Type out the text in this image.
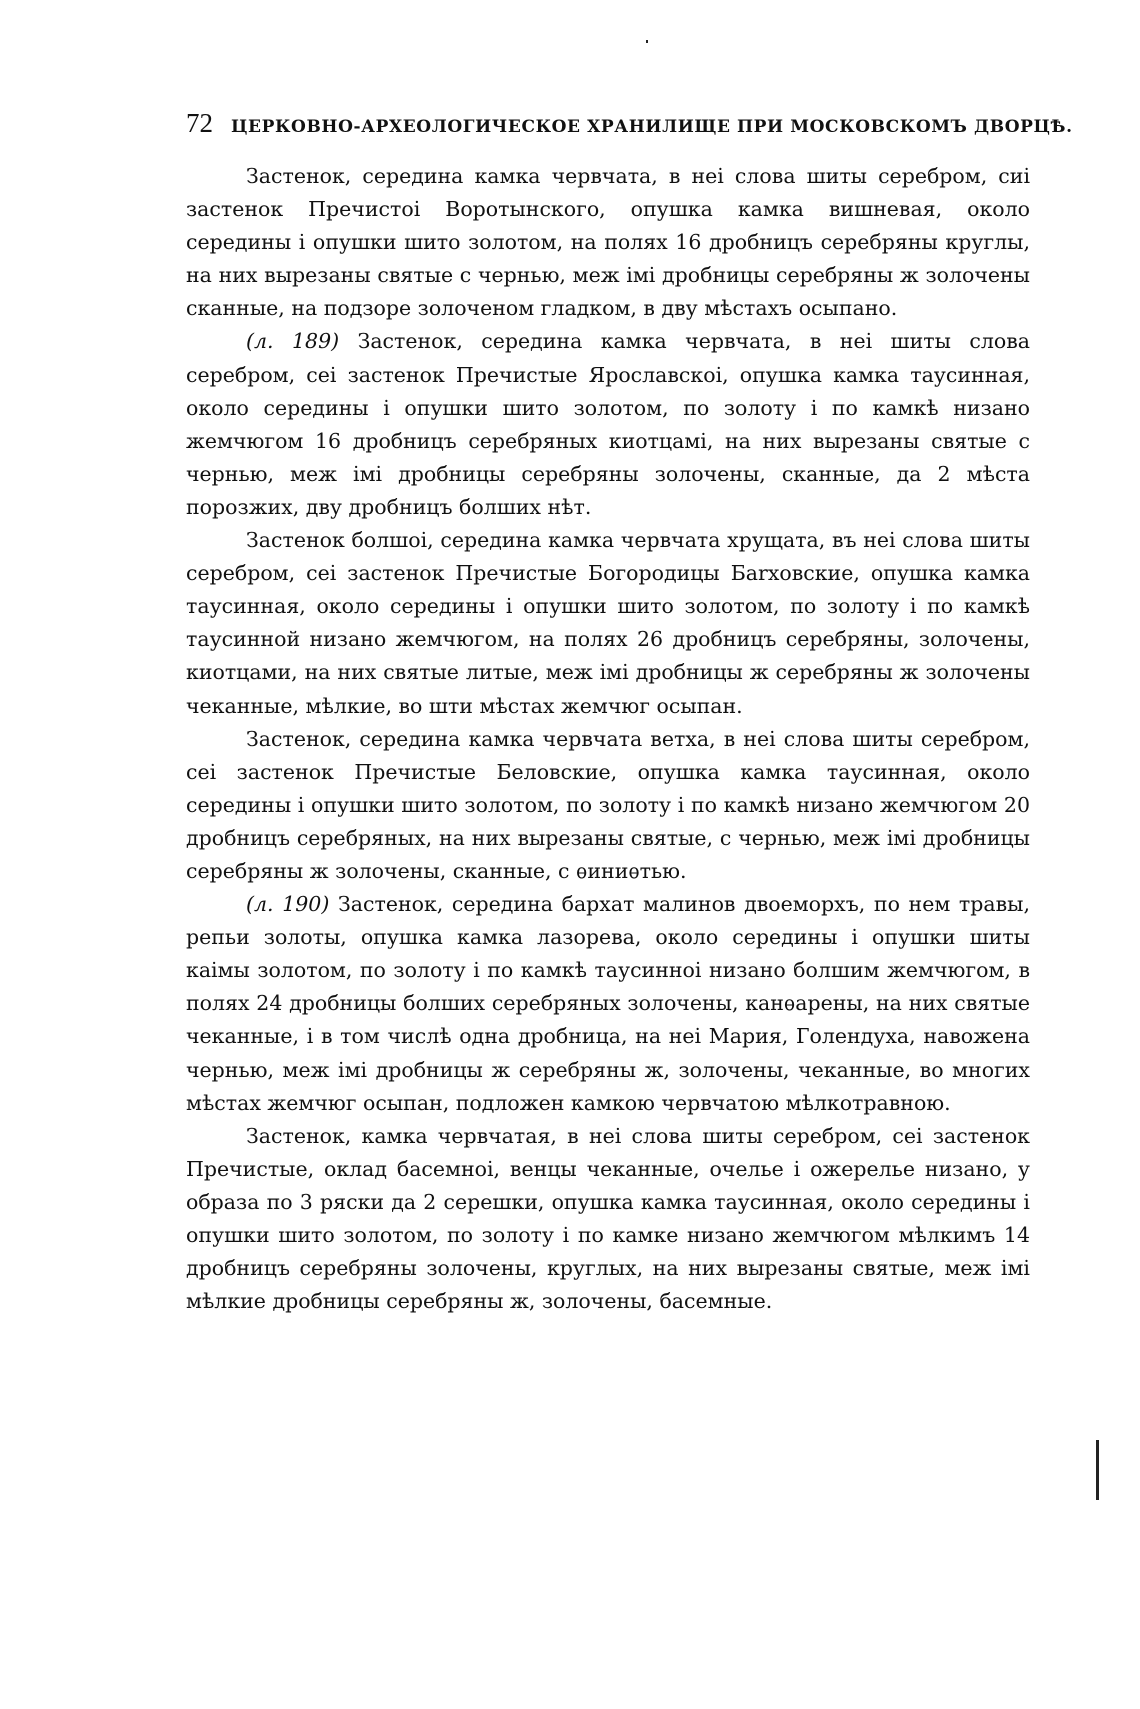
72 ЦЕРКОВНО-АРХЕОЛОГИЧЕСКОЕ ХРАНИЛИЩЕ ПРИ МОСКОВСКОМЪ ДВОРЦѢ.

Застенок, середина камка червчата, в неі слова шиты серебром, сиі застенок Пречистоі Воротынского, опушка камка вишневая, около середины і опушки шито золотом, на полях 16 дробницъ серебряны круглы, на них вырезаны святые с чернью, меж імі дробницы серебряны ж золочены сканные, на подзоре золоченом гладком, в дву мѣстахъ осыпано.

(л. 189) Застенок, середина камка червчата, в неі шиты слова серебром, сеі застенок Пречистые Ярославскоі, опушка камка таусинная, около середины і опушки шито золотом, по золоту і по камкѣ низано жемчюгом 16 дробницъ серебряных киотцамі, на них вырезаны святые с чернью, меж імі дробницы серебряны золочены, сканные, да 2 мѣста порозжих, дву дробницъ болших нѣт.

Застенок болшоі, середина камка червчата хрущата, въ неі слова шиты серебром, сеі застенок Пречистые Богородицы Бarховские, опушка камка таусинная, около середины і опушки шито золотом, по золоту і по камкѣ таусинной низано жемчюгом, на полях 26 дробницъ серебряны, золочены, киотцами, на них святые литые, меж імі дробницы ж серебряны ж золочены чеканные, мѣлкие, во шти мѣстах жемчюг осыпан.

Застенок, середина камка червчата ветха, в неі слова шиты серебром, сеі застенок Пречистые Беловские, опушка камка таусинная, около середины і опушки шито золотом, по золоту і по камкѣ низано жемчюгом 20 дробницъ серебряных, на них вырезаны святые, с чернью, меж імі дробницы серебряны ж золочены, сканные, с ѳиниѳтью.

(л. 190) Застенок, середина бархат малинов двоеморхъ, по нем травы, репьи золоты, опушка камка лазорева, около середины і опушки шиты каімы золотом, по золоту і по камкѣ таусинноі низано болшим жемчюгом, в полях 24 дробницы болших серебряных золочены, канѳарены, на них святые чеканные, і в том числѣ одна дробница, на неі Мария, Голендуха, навожена чернью, меж імі дробницы ж серебряны ж, золочены, чеканные, во многих мѣстах жемчюг осыпан, подложен камкою червчатою мѣлкотравною.

Застенок, камка червчатая, в неі слова шиты серебром, сеі застенок Пречистые, оклад басемноі, венцы чеканные, очелье і ожерелье низано, у образа по 3 ряски да 2 серешки, опушка камка таусинная, около середины і опушки шито золотом, по золоту і по камке низано жемчюгом мѣлкимъ 14 дробницъ серебряны золочены, круглых, на них вырезаны святые, меж імі мѣлкие дробницы серебряны ж, золочены, басемные.
